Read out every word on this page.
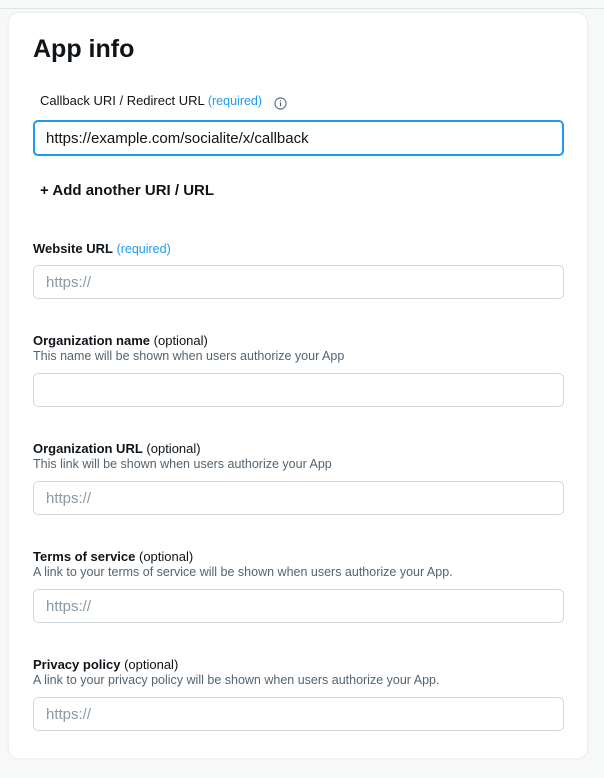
App info
Callback URI / Redirect URL (required)
https://example.com/socialite/x/callback
+ Add another URI / URL
Website URL (required)
https://
Organization name (optional)
This name will be shown when users authorize your App
Organization URL (optional)
This link will be shown when users authorize your App
https://
Terms of service (optional)
A link to your terms of service will be shown when users authorize your App.
https://
Privacy policy (optional)
A link to your privacy policy will be shown when users authorize your App.
https://
